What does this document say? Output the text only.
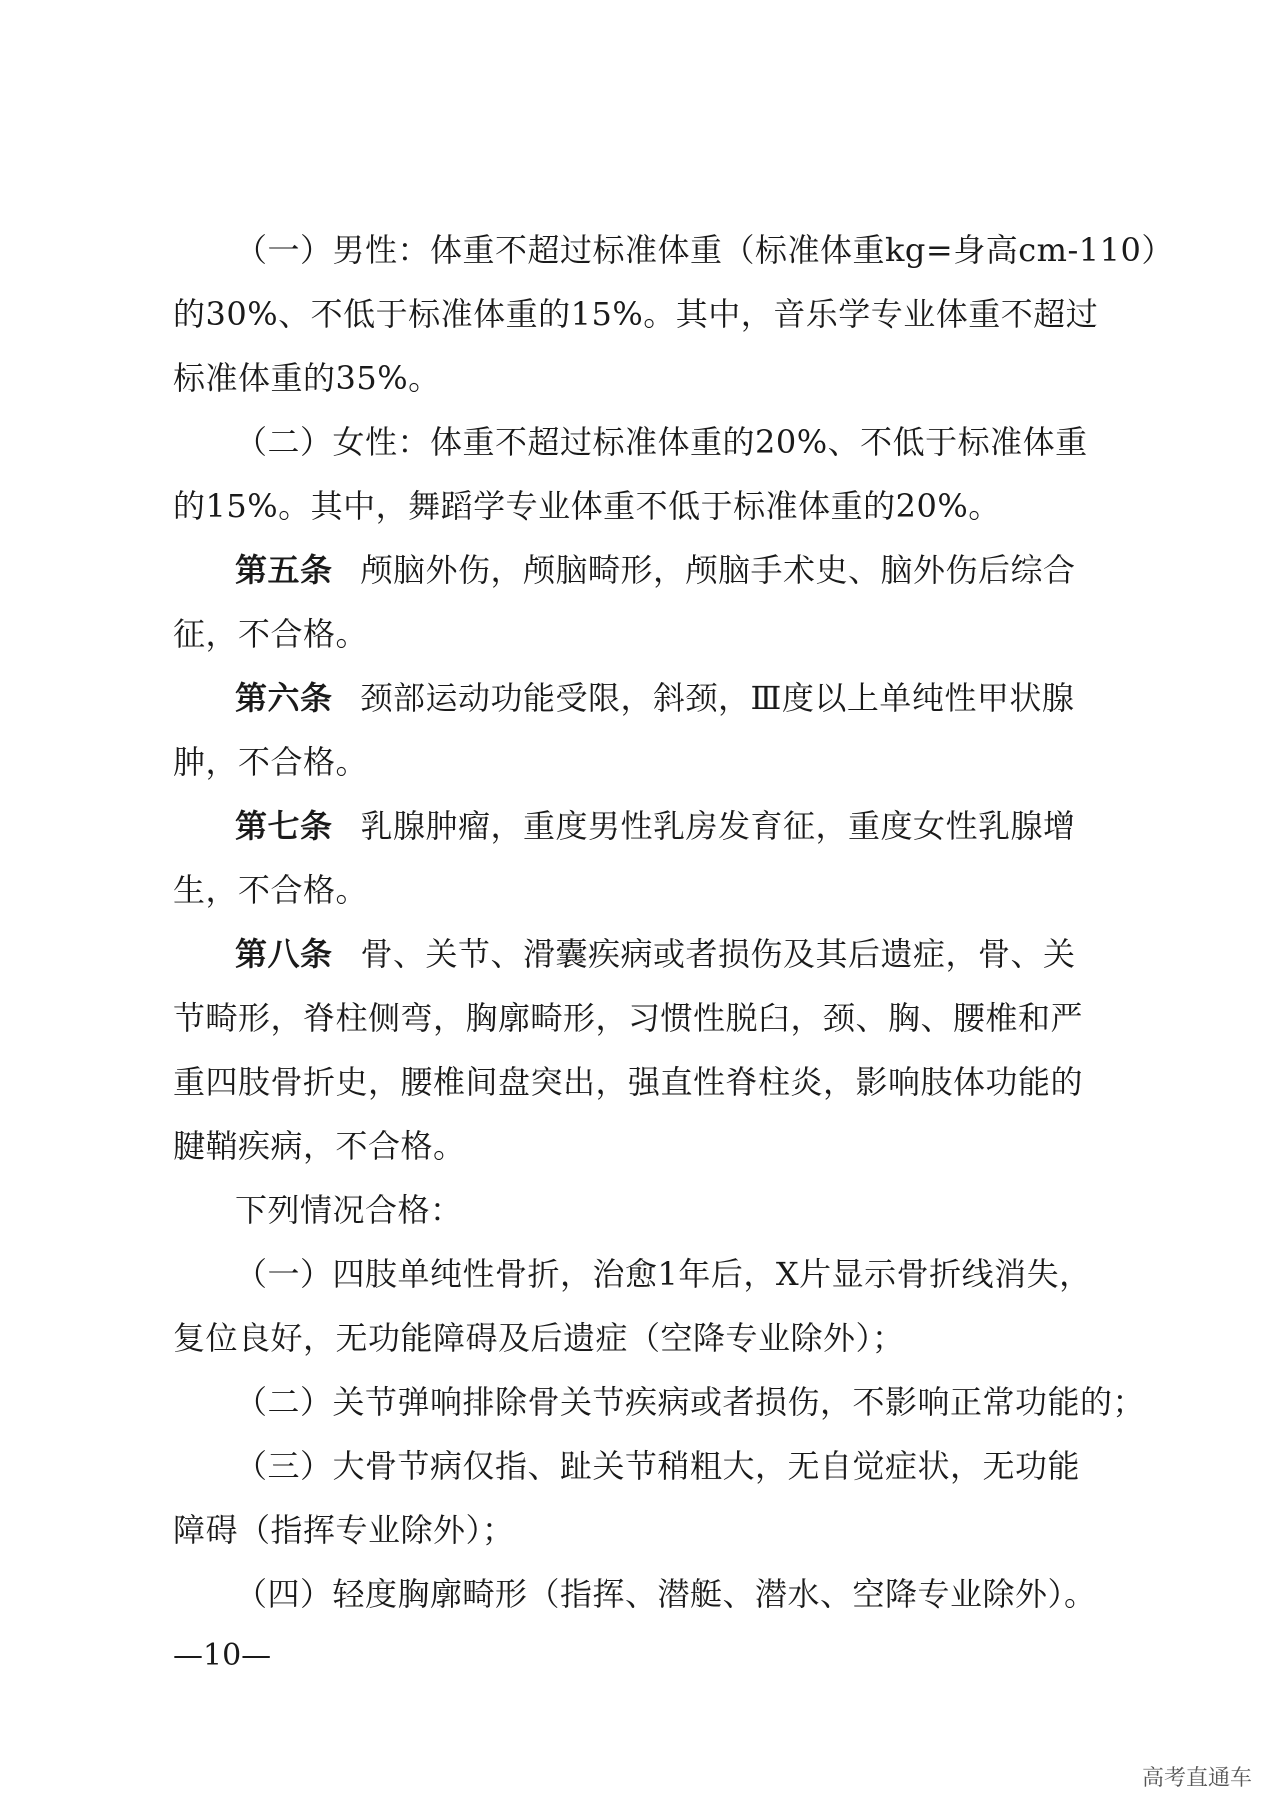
（一）男性：体重不超过标准体重（标准体重kg=身高cm-110）
的30%、不低于标准体重的15%。其中，音乐学专业体重不超过
标准体重的35%。
（二）女性：体重不超过标准体重的20%、不低于标准体重
的15%。其中，舞蹈学专业体重不低于标准体重的20%。
第五条 颅脑外伤，颅脑畸形，颅脑手术史、脑外伤后综合
征，不合格。
第六条 颈部运动功能受限，斜颈，Ⅲ度以上单纯性甲状腺
肿，不合格。
第七条 乳腺肿瘤，重度男性乳房发育征，重度女性乳腺增
生，不合格。
第八条 骨、关节、滑囊疾病或者损伤及其后遗症，骨、关
节畸形，脊柱侧弯，胸廓畸形，习惯性脱臼，颈、胸、腰椎和严
重四肢骨折史，腰椎间盘突出，强直性脊柱炎，影响肢体功能的
腱鞘疾病，不合格。
下列情况合格：
（一）四肢单纯性骨折，治愈1年后，X片显示骨折线消失，
复位良好，无功能障碍及后遗症（空降专业除外）；
（二）关节弹响排除骨关节疾病或者损伤，不影响正常功能的；
（三）大骨节病仅指、趾关节稍粗大，无自觉症状，无功能
障碍（指挥专业除外）；
（四）轻度胸廓畸形（指挥、潜艇、潜水、空降专业除外）。
—10—
高考直通车
